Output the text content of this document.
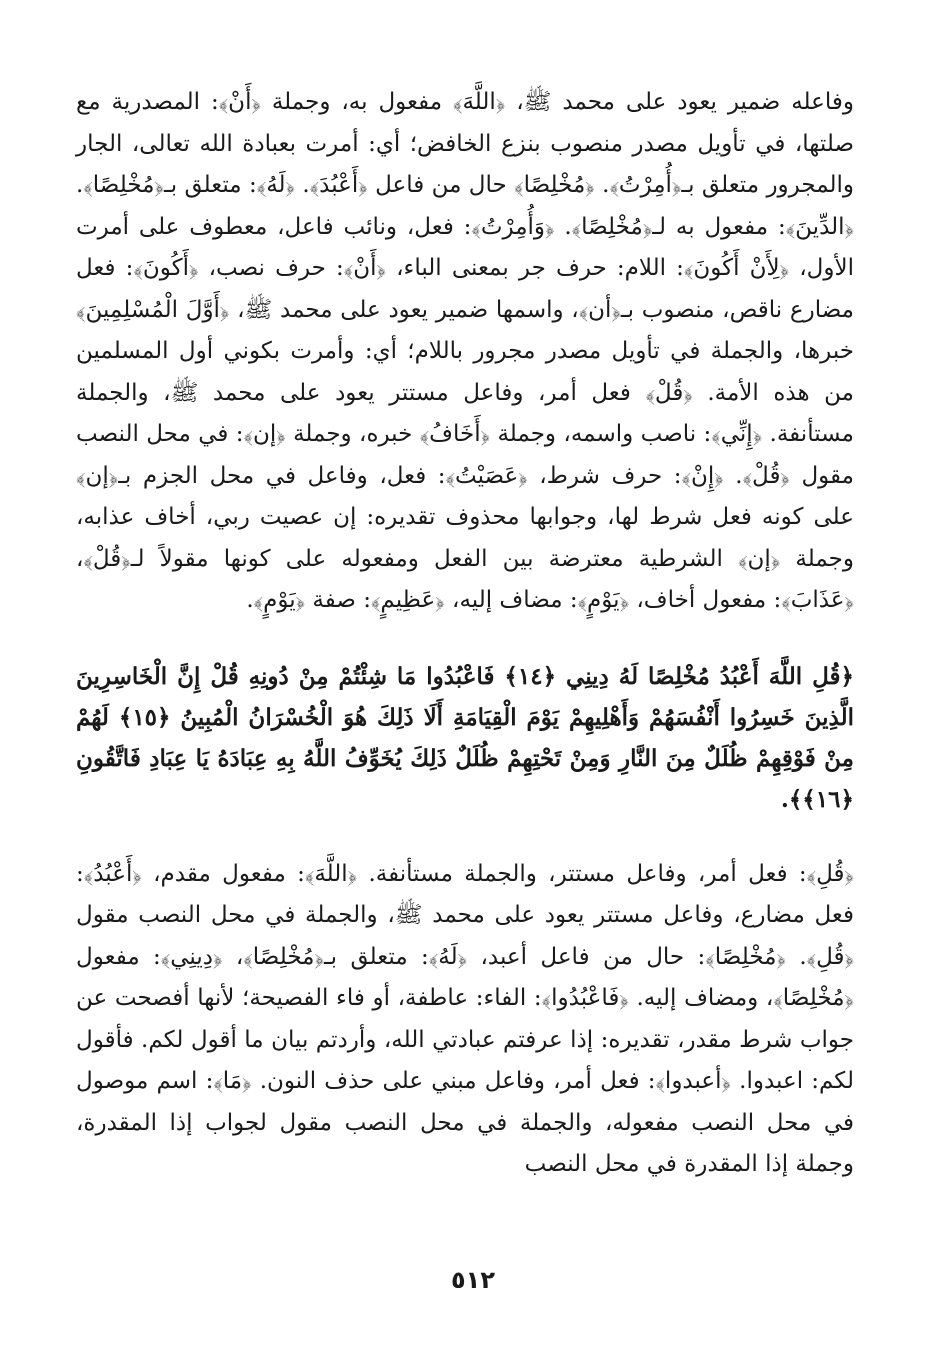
وفاعله ضمير يعود على محمد ﷺ، ﴿اللَّهَ﴾ مفعول به، وجملة ﴿أَنْ﴾: المصدرية مع صلتها، في تأويل مصدر منصوب بنزع الخافض؛ أي: أمرت بعبادة الله تعالى، الجار والمجرور متعلق بـ﴿أُمِرْتُ﴾. ﴿مُخْلِصًا﴾ حال من فاعل ﴿أَعْبُدَ﴾. ﴿لَهُ﴾: متعلق بـ﴿مُخْلِصًا﴾. ﴿الدِّينَ﴾: مفعول به لـ﴿مُخْلِصًا﴾. ﴿وَأُمِرْتُ﴾: فعل، ونائب فاعل، معطوف على أمرت الأول، ﴿لِأَنْ أَكُونَ﴾: اللام: حرف جر بمعنى الباء، ﴿أَنْ﴾: حرف نصب، ﴿أَكُونَ﴾: فعل مضارع ناقص، منصوب بـ﴿أن﴾، واسمها ضمير يعود على محمد ﷺ، ﴿أَوَّلَ الْمُسْلِمِينَ﴾ خبرها، والجملة في تأويل مصدر مجرور باللام؛ أي: وأمرت بكوني أول المسلمين من هذه الأمة. ﴿قُلْ﴾ فعل أمر، وفاعل مستتر يعود على محمد ﷺ، والجملة مستأنفة. ﴿إِنِّي﴾: ناصب واسمه، وجملة ﴿أَخَافُ﴾ خبره، وجملة ﴿إن﴾: في محل النصب مقول ﴿قُلْ﴾. ﴿إِنْ﴾: حرف شرط، ﴿عَصَيْتُ﴾: فعل، وفاعل في محل الجزم بـ﴿إن﴾ على كونه فعل شرط لها، وجوابها محذوف تقديره: إن عصيت ربي، أخاف عذابه، وجملة ﴿إن﴾ الشرطية معترضة بين الفعل ومفعوله على كونها مقولاً لـ﴿قُلْ﴾، ﴿عَذَابَ﴾: مفعول أخاف، ﴿يَوْمٍ﴾: مضاف إليه، ﴿عَظِيمٍ﴾: صفة ﴿يَوْمٍ﴾.

﴿قُلِ اللَّهَ أَعْبُدُ مُخْلِصًا لَهُ دِينِي ﴿١٤﴾ فَاعْبُدُوا مَا شِئْتُمْ مِنْ دُونِهِ قُلْ إِنَّ الْخَاسِرِينَ الَّذِينَ خَسِرُوا أَنْفُسَهُمْ وَأَهْلِيهِمْ يَوْمَ الْقِيَامَةِ أَلَا ذَلِكَ هُوَ الْخُسْرَانُ الْمُبِينُ ﴿١٥﴾ لَهُمْ مِنْ فَوْقِهِمْ ظُلَلٌ مِنَ النَّارِ وَمِنْ تَحْتِهِمْ ظُلَلٌ ذَلِكَ يُخَوِّفُ اللَّهُ بِهِ عِبَادَهُ يَا عِبَادِ فَاتَّقُونِ ﴿١٦﴾﴾.

﴿قُلِ﴾: فعل أمر، وفاعل مستتر، والجملة مستأنفة. ﴿اللَّهَ﴾: مفعول مقدم، ﴿أَعْبُدُ﴾: فعل مضارع، وفاعل مستتر يعود على محمد ﷺ، والجملة في محل النصب مقول ﴿قُلِ﴾. ﴿مُخْلِصًا﴾: حال من فاعل أعبد، ﴿لَهُ﴾: متعلق بـ﴿مُخْلِصًا﴾، ﴿دِينِي﴾: مفعول ﴿مُخْلِصًا﴾، ومضاف إليه. ﴿فَاعْبُدُوا﴾: الفاء: عاطفة، أو فاء الفصيحة؛ لأنها أفصحت عن جواب شرط مقدر، تقديره: إذا عرفتم عبادتي الله، وأردتم بيان ما أقول لكم. فأقول لكم: اعبدوا. ﴿أعبدوا﴾: فعل أمر، وفاعل مبني على حذف النون. ﴿مَا﴾: اسم موصول في محل النصب مفعوله، والجملة في محل النصب مقول لجواب إذا المقدرة، وجملة إذا المقدرة في محل النصب

٥١٢
